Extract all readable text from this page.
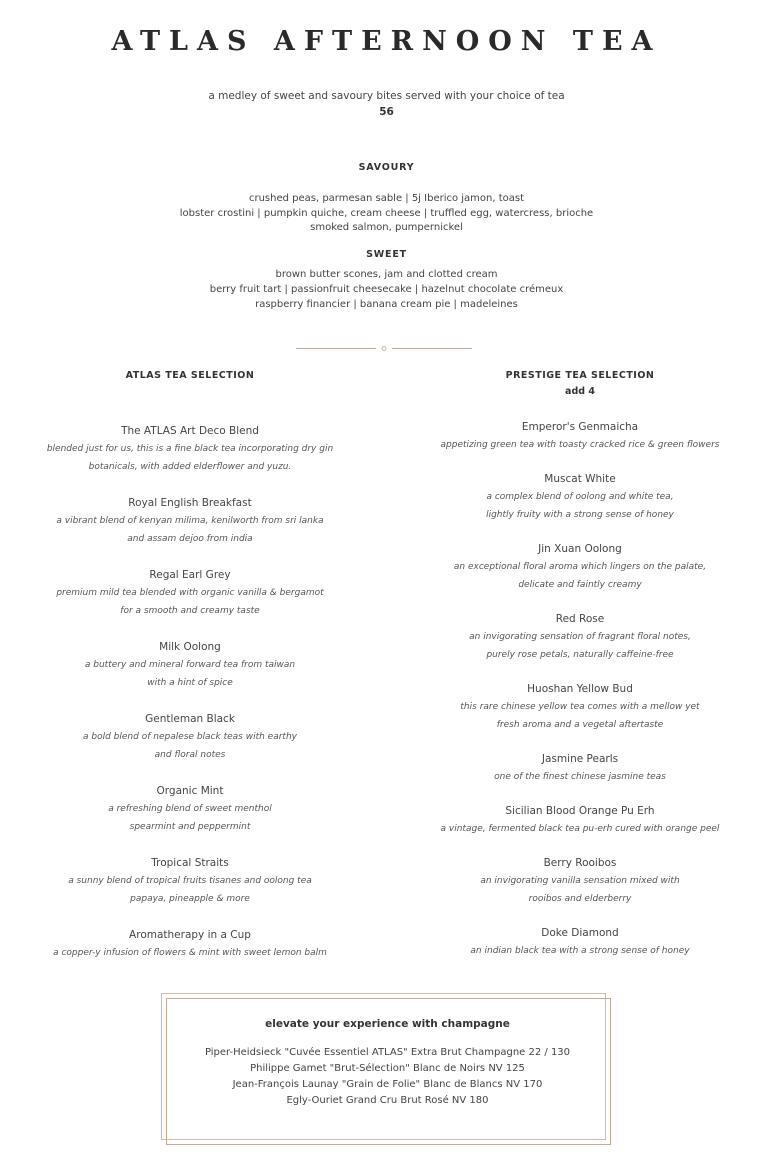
ATLAS AFTERNOON TEA
a medley of sweet and savoury bites served with your choice of tea
56
SAVOURY
crushed peas, parmesan sable | 5j Iberico jamon, toast
lobster crostini | pumpkin quiche, cream cheese | truffled egg, watercress, brioche
smoked salmon, pumpernickel
SWEET
brown butter scones, jam and clotted cream
berry fruit tart | passionfruit cheesecake | hazelnut chocolate crémeux
raspberry financier | banana cream pie | madeleines
ATLAS TEA SELECTION
The ATLAS Art Deco Blend
blended just for us, this is a fine black tea incorporating dry gin
botanicals, with added elderflower and yuzu.
Royal English Breakfast
a vibrant blend of kenyan milima, kenilworth from sri lanka
and assam dejoo from india
Regal Earl Grey
premium mild tea blended with organic vanilla & bergamot
for a smooth and creamy taste
Milk Oolong
a buttery and mineral forward tea from taiwan
with a hint of spice
Gentleman Black
a bold blend of nepalese black teas with earthy
and floral notes
Organic Mint
a refreshing blend of sweet menthol
spearmint and peppermint
Tropical Straits
a sunny blend of tropical fruits tisanes and oolong tea
papaya, pineapple & more
Aromatherapy in a Cup
a copper-y infusion of flowers & mint with sweet lemon balm
PRESTIGE TEA SELECTION
add 4
Emperor's Genmaicha
appetizing green tea with toasty cracked rice & green flowers
Muscat White
a complex blend of oolong and white tea,
lightly fruity with a strong sense of honey
Jin Xuan Oolong
an exceptional floral aroma which lingers on the palate,
delicate and faintly creamy
Red Rose
an invigorating sensation of fragrant floral notes,
purely rose petals, naturally caffeine-free
Huoshan Yellow Bud
this rare chinese yellow tea comes with a mellow yet
fresh aroma and a vegetal aftertaste
Jasmine Pearls
one of the finest chinese jasmine teas
Sicilian Blood Orange Pu Erh
a vintage, fermented black tea pu-erh cured with orange peel
Berry Rooibos
an invigorating vanilla sensation mixed with
rooibos and elderberry
Doke Diamond
an indian black tea with a strong sense of honey
elevate your experience with champagne
Piper-Heidsieck "Cuvée Essentiel ATLAS" Extra Brut Champagne 22 / 130
Philippe Gamet "Brut-Sélection" Blanc de Noirs NV 125
Jean-François Launay "Grain de Folie" Blanc de Blancs NV 170
Egly-Ouriet Grand Cru Brut Rosé NV 180
